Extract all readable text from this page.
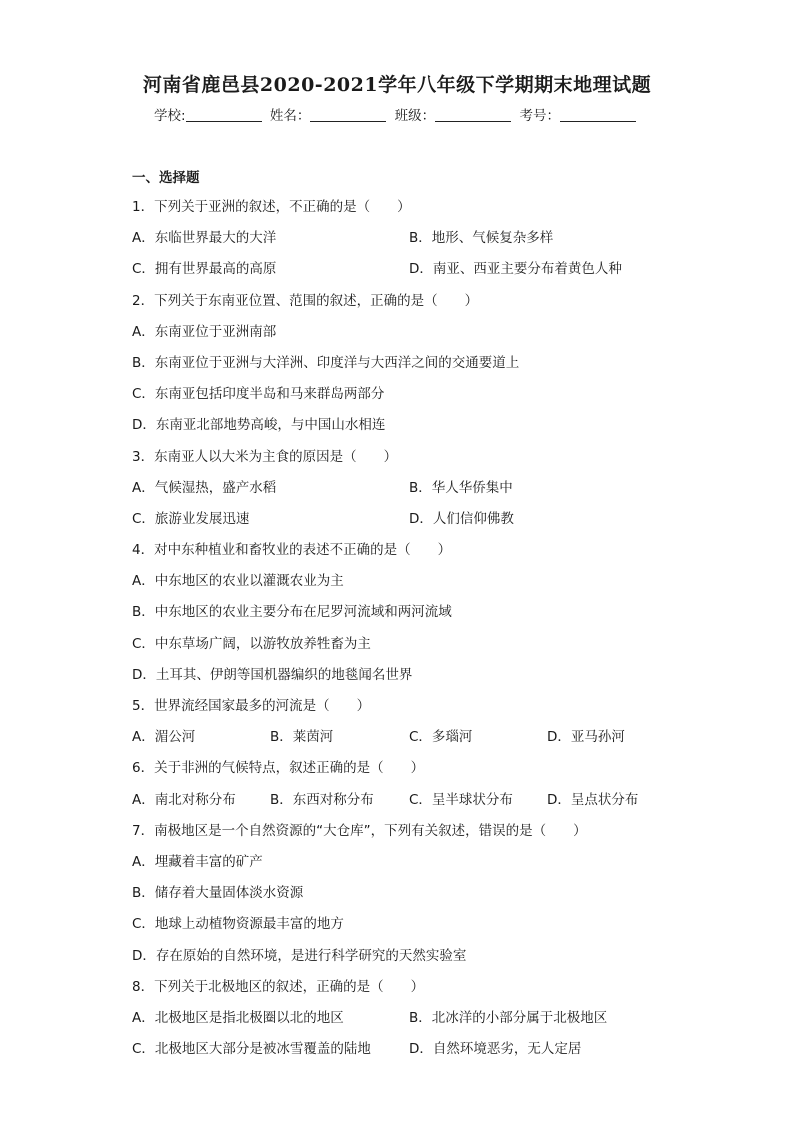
河南省鹿邑县2020-2021学年八年级下学期期末地理试题
学校:	姓名：	班级：	考号：
一、选择题
1．下列关于亚洲的叙述，不正确的是（　　）
A．东临世界最大的大洋	B．地形、气候复杂多样
C．拥有世界最高的高原	D．南亚、西亚主要分布着黄色人种
2．下列关于东南亚位置、范围的叙述，正确的是（　　）
A．东南亚位于亚洲南部
B．东南亚位于亚洲与大洋洲、印度洋与大西洋之间的交通要道上
C．东南亚包括印度半岛和马来群岛两部分
D．东南亚北部地势高峻，与中国山水相连
3．东南亚人以大米为主食的原因是（　　）
A．气候湿热，盛产水稻	B．华人华侨集中
C．旅游业发展迅速	D．人们信仰佛教
4．对中东种植业和畜牧业的表述不正确的是（　　）
A．中东地区的农业以灌溉农业为主
B．中东地区的农业主要分布在尼罗河流域和两河流域
C．中东草场广阔，以游牧放养牲畜为主
D．土耳其、伊朗等国机器编织的地毯闻名世界
5．世界流经国家最多的河流是（　　）
A．湄公河	B．莱茵河	C．多瑙河	D．亚马孙河
6．关于非洲的气候特点，叙述正确的是（　　）
A．南北对称分布	B．东西对称分布	C．呈半球状分布	D．呈点状分布
7．南极地区是一个自然资源的“大仓库”，下列有关叙述，错误的是（　　）
A．埋藏着丰富的矿产
B．储存着大量固体淡水资源
C．地球上动植物资源最丰富的地方
D．存在原始的自然环境，是进行科学研究的天然实验室
8．下列关于北极地区的叙述，正确的是（　　）
A．北极地区是指北极圈以北的地区	B．北冰洋的小部分属于北极地区
C．北极地区大部分是被冰雪覆盖的陆地	D．自然环境恶劣，无人定居
